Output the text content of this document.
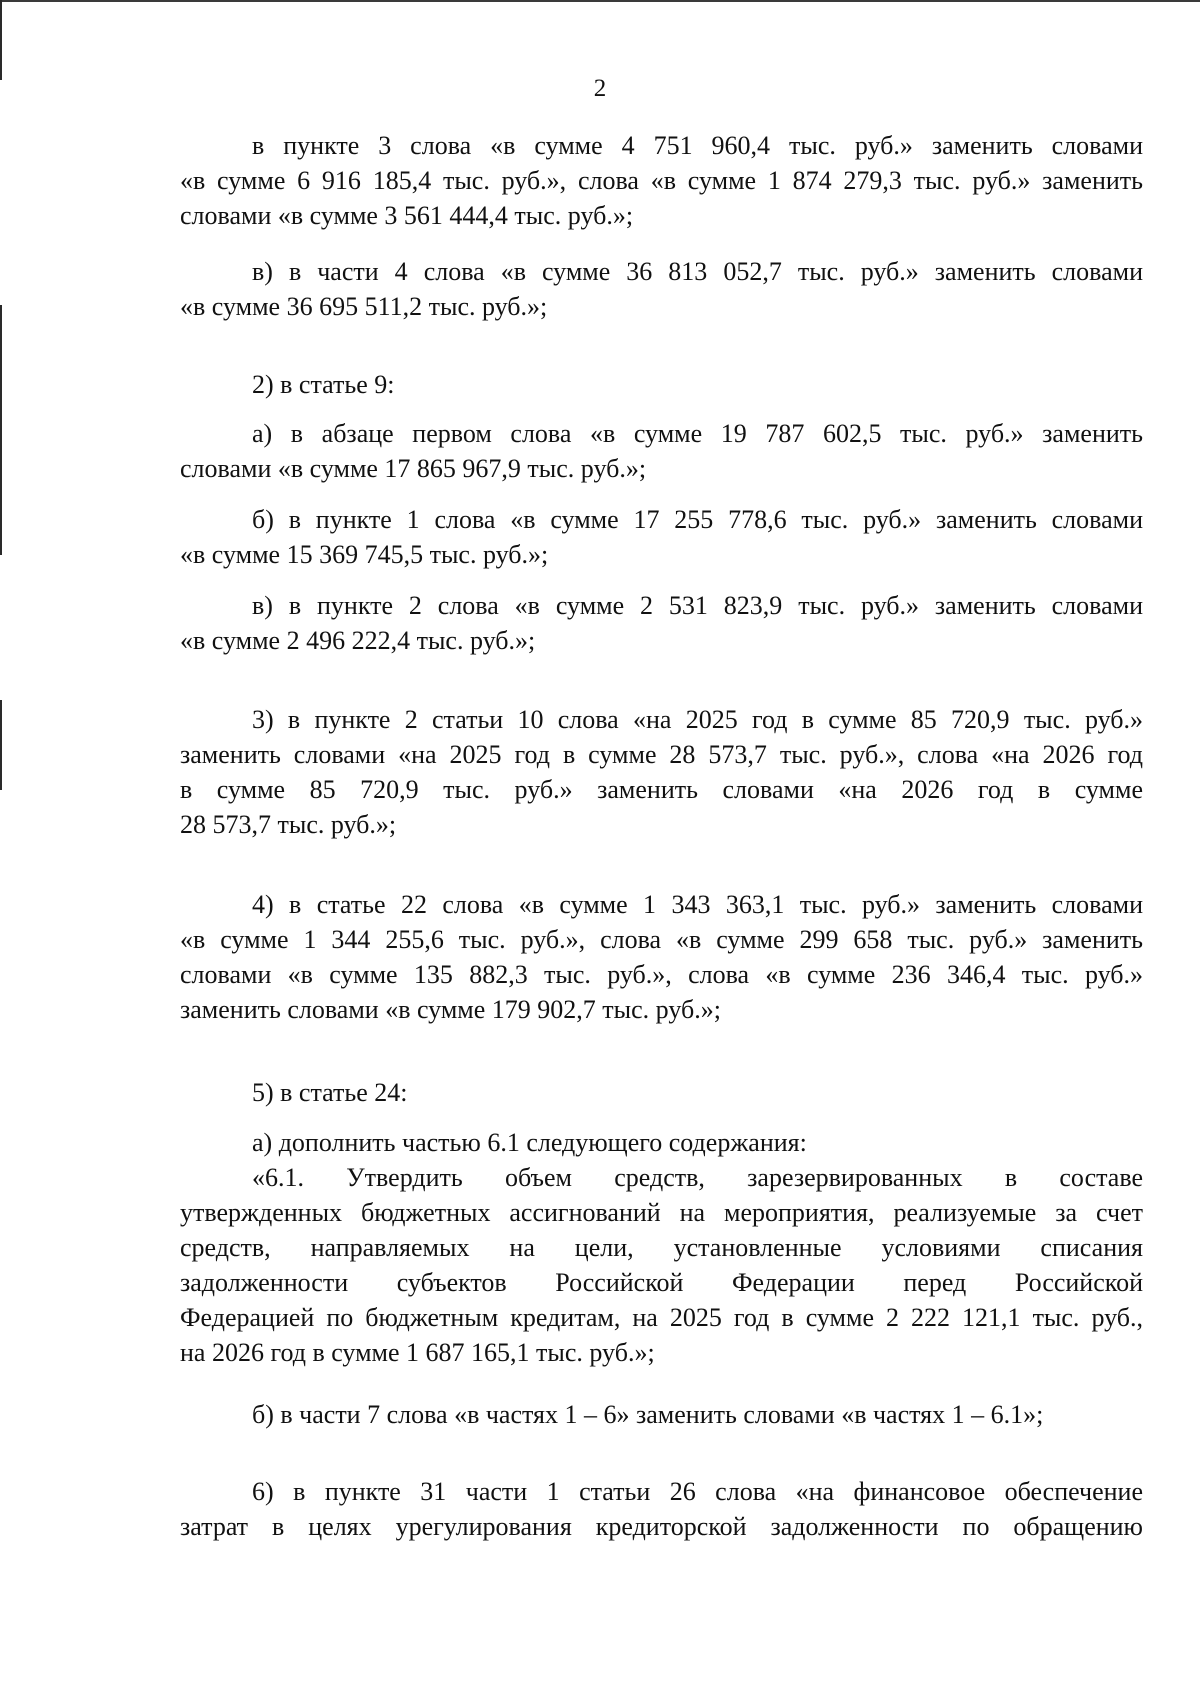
2
в пункте 3 слова «в сумме 4 751 960,4 тыс. руб.» заменить словами
«в сумме 6 916 185,4 тыс. руб.», слова «в сумме 1 874 279,3 тыс. руб.» заменить
словами «в сумме 3 561 444,4 тыс. руб.»;
в) в части 4 слова «в сумме 36 813 052,7 тыс. руб.» заменить словами
«в сумме 36 695 511,2 тыс. руб.»;
2) в статье 9:
а) в абзаце первом слова «в сумме 19 787 602,5 тыс. руб.» заменить
словами «в сумме 17 865 967,9 тыс. руб.»;
б) в пункте 1 слова «в сумме 17 255 778,6 тыс. руб.» заменить словами
«в сумме 15 369 745,5 тыс. руб.»;
в) в пункте 2 слова «в сумме 2 531 823,9 тыс. руб.» заменить словами
«в сумме 2 496 222,4 тыс. руб.»;
3) в пункте 2 статьи 10 слова «на 2025 год в сумме 85 720,9 тыс. руб.»
заменить словами «на 2025 год в сумме 28 573,7 тыс. руб.», слова «на 2026 год
в сумме 85 720,9 тыс. руб.» заменить словами «на 2026 год в сумме
28 573,7 тыс. руб.»;
4) в статье 22 слова «в сумме 1 343 363,1 тыс. руб.» заменить словами
«в сумме 1 344 255,6 тыс. руб.», слова «в сумме 299 658 тыс. руб.» заменить
словами «в сумме 135 882,3 тыс. руб.», слова «в сумме 236 346,4 тыс. руб.»
заменить словами «в сумме 179 902,7 тыс. руб.»;
5) в статье 24:
а) дополнить частью 6.1 следующего содержания:
«6.1. Утвердить объем средств, зарезервированных в составе
утвержденных бюджетных ассигнований на мероприятия, реализуемые за счет
средств, направляемых на цели, установленные условиями списания
задолженности субъектов Российской Федерации перед Российской
Федерацией по бюджетным кредитам, на 2025 год в сумме 2 222 121,1 тыс. руб.,
на 2026 год в сумме 1 687 165,1 тыс. руб.»;
б) в части 7 слова «в частях 1 – 6» заменить словами «в частях 1 – 6.1»;
6) в пункте 31 части 1 статьи 26 слова «на финансовое обеспечение
затрат в целях урегулирования кредиторской задолженности по обращению
